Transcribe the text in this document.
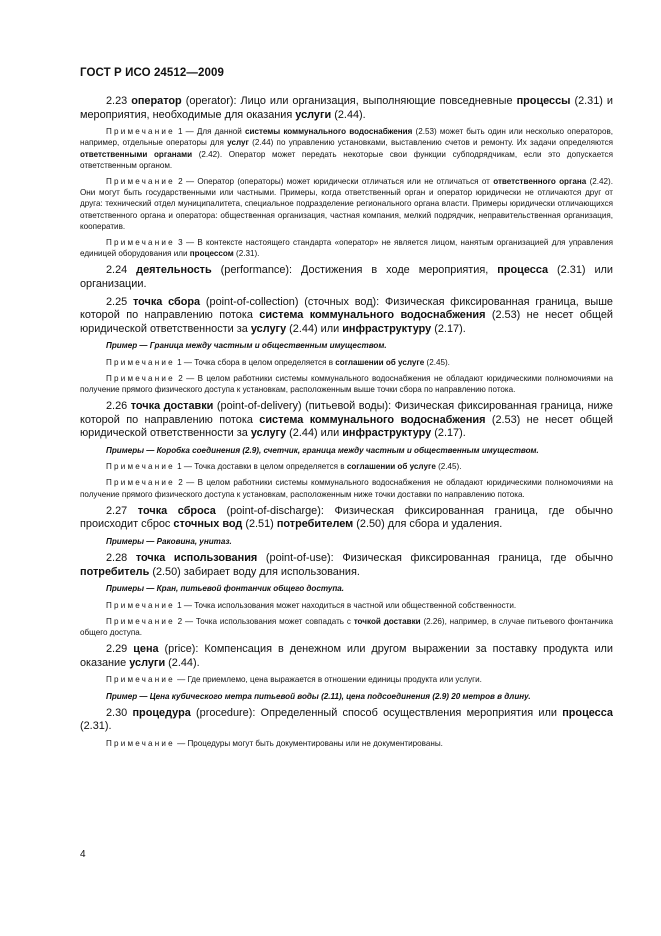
ГОСТ Р ИСО 24512—2009

2.23 оператор (operator): Лицо или организация, выполняющие повседневные процессы (2.31) и мероприятия, необходимые для оказания услуги (2.44).

Примечание 1 — Для данной системы коммунального водоснабжения (2.53) может быть один или несколько операторов, например, отдельные операторы для услуг (2.44) по управлению установками, выставлению счетов и ремонту. Их задачи определяются ответственными органами (2.42). Оператор может передать некоторые свои функции субподрядчикам, если это допускается ответственным органом.

Примечание 2 — Оператор (операторы) может юридически отличаться или не отличаться от ответственного органа (2.42). Они могут быть государственными или частными. Примеры, когда ответственный орган и оператор юридически не отличаются друг от друга: технический отдел муниципалитета, специальное подразделение регионального органа власти. Примеры юридически отличающихся ответственного органа и оператора: общественная организация, частная компания, мелкий подрядчик, неправительственная организация, кооператив.

Примечание 3 — В контексте настоящего стандарта «оператор» не является лицом, нанятым организацией для управления единицей оборудования или процессом (2.31).

2.24 деятельность (performance): Достижения в ходе мероприятия, процесса (2.31) или организации.

2.25 точка сбора (point-of-collection) (сточных вод): Физическая фиксированная граница, выше которой по направлению потока система коммунального водоснабжения (2.53) не несет общей юридической ответственности за услугу (2.44) или инфраструктуру (2.17).

Пример — Граница между частным и общественным имуществом.

Примечание 1 — Точка сбора в целом определяется в соглашении об услуге (2.45).

Примечание 2 — В целом работники системы коммунального водоснабжения не обладают юридическими полномочиями на получение прямого физического доступа к установкам, расположенным выше точки сбора по направлению потока.

2.26 точка доставки (point-of-delivery) (питьевой воды): Физическая фиксированная граница, ниже которой по направлению потока система коммунального водоснабжения (2.53) не несет общей юридической ответственности за услугу (2.44) или инфраструктуру (2.17).

Примеры — Коробка соединения (2.9), счетчик, граница между частным и общественным имуществом.

Примечание 1 — Точка доставки в целом определяется в соглашении об услуге (2.45).

Примечание 2 — В целом работники системы коммунального водоснабжения не обладают юридическими полномочиями на получение прямого физического доступа к установкам, расположенным ниже точки доставки по направлению потока.

2.27 точка сброса (point-of-discharge): Физическая фиксированная граница, где обычно происходит сброс сточных вод (2.51) потребителем (2.50) для сбора и удаления.

Примеры — Раковина, унитаз.

2.28 точка использования (point-of-use): Физическая фиксированная граница, где обычно потребитель (2.50) забирает воду для использования.

Примеры — Кран, питьевой фонтанчик общего доступа.

Примечание 1 — Точка использования может находиться в частной или общественной собственности.

Примечание 2 — Точка использования может совпадать с точкой доставки (2.26), например, в случае питьевого фонтанчика общего доступа.

2.29 цена (price): Компенсация в денежном или другом выражении за поставку продукта или оказание услуги (2.44).

Примечание — Где приемлемо, цена выражается в отношении единицы продукта или услуги.

Пример — Цена кубического метра питьевой воды (2.11), цена подсоединения (2.9) 20 метров в длину.

2.30 процедура (procedure): Определенный способ осуществления мероприятия или процесса (2.31).

Примечание — Процедуры могут быть документированы или не документированы.

4
